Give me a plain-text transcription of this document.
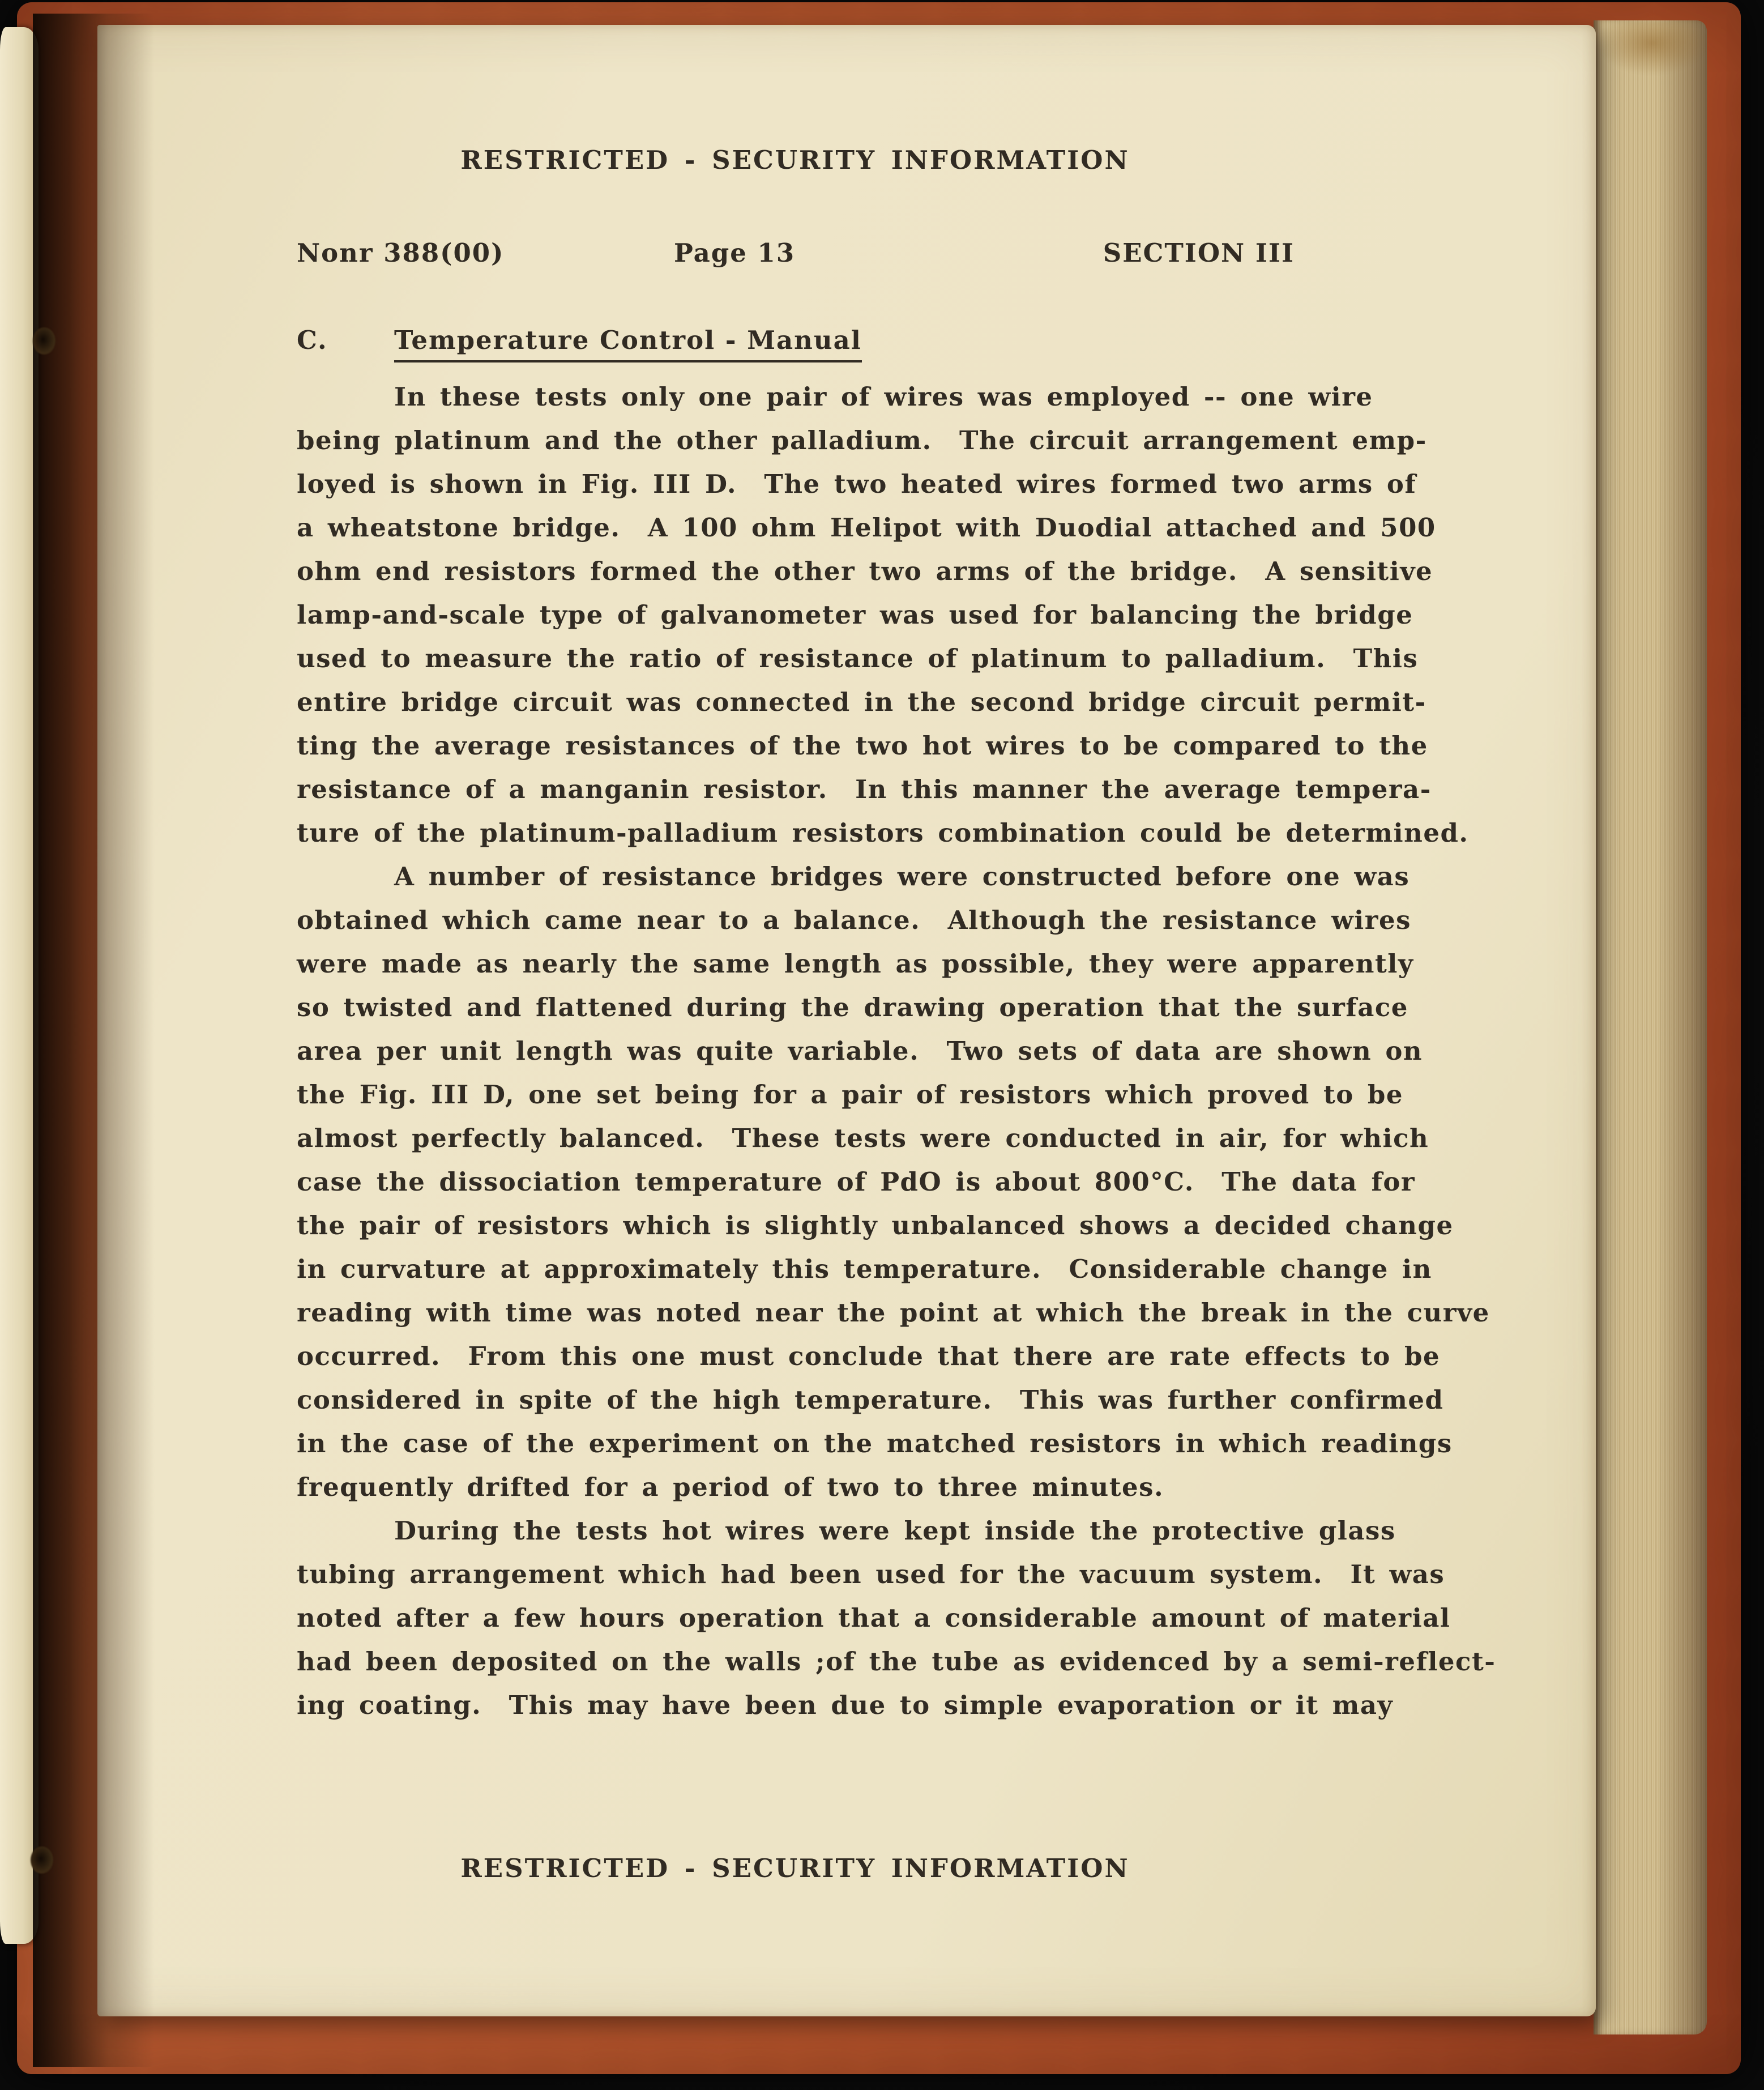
RESTRICTED - SECURITY INFORMATION
Nonr 388(00)	Page 13	SECTION III
C.	Temperature Control - Manual
In these tests only one pair of wires was employed -- one wire
being platinum and the other palladium.  The circuit arrangement emp-
loyed is shown in Fig. III D.  The two heated wires formed two arms of
a wheatstone bridge.  A 100 ohm Helipot with Duodial attached and 500
ohm end resistors formed the other two arms of the bridge.  A sensitive
lamp-and-scale type of galvanometer was used for balancing the bridge
used to measure the ratio of resistance of platinum to palladium.  This
entire bridge circuit was connected in the second bridge circuit permit-
ting the average resistances of the two hot wires to be compared to the
resistance of a manganin resistor.  In this manner the average tempera-
ture of the platinum-palladium resistors combination could be determined.
A number of resistance bridges were constructed before one was
obtained which came near to a balance.  Although the resistance wires
were made as nearly the same length as possible, they were apparently
so twisted and flattened during the drawing operation that the surface
area per unit length was quite variable.  Two sets of data are shown on
the Fig. III D, one set being for a pair of resistors which proved to be
almost perfectly balanced.  These tests were conducted in air, for which
case the dissociation temperature of PdO is about 800°C.  The data for
the pair of resistors which is slightly unbalanced shows a decided change
in curvature at approximately this temperature.  Considerable change in
reading with time was noted near the point at which the break in the curve
occurred.  From this one must conclude that there are rate effects to be
considered in spite of the high temperature.  This was further confirmed
in the case of the experiment on the matched resistors in which readings
frequently drifted for a period of two to three minutes.
During the tests hot wires were kept inside the protective glass
tubing arrangement which had been used for the vacuum system.  It was
noted after a few hours operation that a considerable amount of material
had been deposited on the walls ;of the tube as evidenced by a semi-reflect-
ing coating.  This may have been due to simple evaporation or it may
RESTRICTED - SECURITY INFORMATION
